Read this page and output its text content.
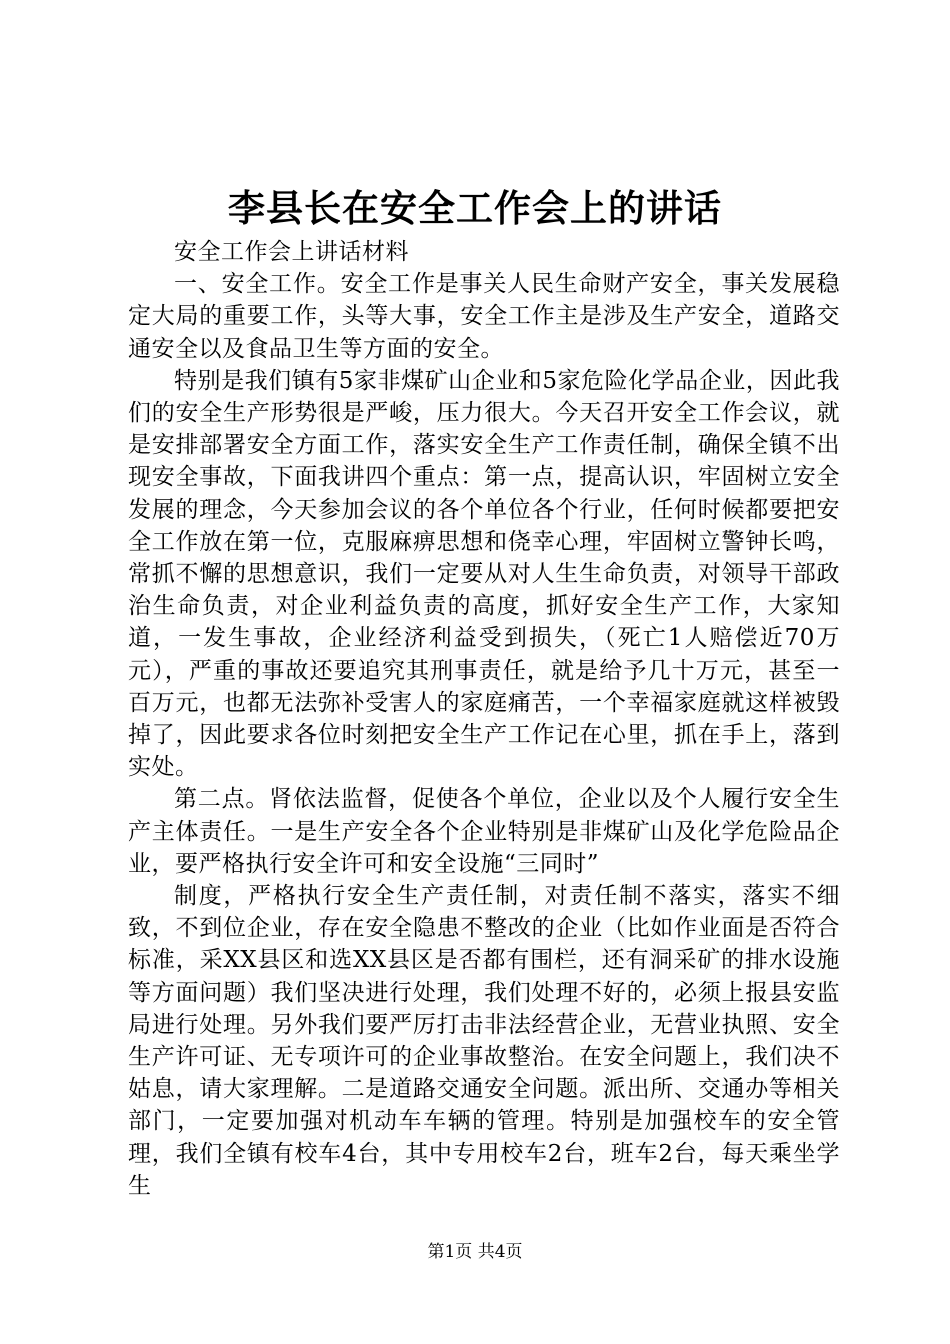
李县长在安全工作会上的讲话

安全工作会上讲话材料

一、安全工作。安全工作是事关人民生命财产安全，事关发展稳定大局的重要工作，头等大事，安全工作主是涉及生产安全，道路交通安全以及食品卫生等方面的安全。

特别是我们镇有5家非煤矿山企业和5家危险化学品企业，因此我们的安全生产形势很是严峻，压力很大。今天召开安全工作会议，就是安排部署安全方面工作，落实安全生产工作责任制，确保全镇不出现安全事故，下面我讲四个重点：第一点，提高认识，牢固树立安全发展的理念，今天参加会议的各个单位各个行业，任何时候都要把安全工作放在第一位，克服麻痹思想和侥幸心理，牢固树立警钟长鸣，常抓不懈的思想意识，我们一定要从对人生生命负责，对领导干部政治生命负责，对企业利益负责的高度，抓好安全生产工作，大家知道，一发生事故，企业经济利益受到损失，（死亡1人赔偿近70万元），严重的事故还要追究其刑事责任，就是给予几十万元，甚至一百万元，也都无法弥补受害人的家庭痛苦，一个幸福家庭就这样被毁掉了，因此要求各位时刻把安全生产工作记在心里，抓在手上，落到实处。

第二点。肾依法监督，促使各个单位，企业以及个人履行安全生产主体责任。一是生产安全各个企业特别是非煤矿山及化学危险品企业，要严格执行安全许可和安全设施“三同时”

制度，严格执行安全生产责任制，对责任制不落实，落实不细致，不到位企业，存在安全隐患不整改的企业（比如作业面是否符合标准，采XX县区和选XX县区是否都有围栏，还有洞采矿的排水设施等方面问题）我们坚决进行处理，我们处理不好的，必须上报县安监局进行处理。另外我们要严厉打击非法经营企业，无营业执照、安全生产许可证、无专项许可的企业事故整治。在安全问题上，我们决不姑息，请大家理解。二是道路交通安全问题。派出所、交通办等相关部门，一定要加强对机动车车辆的管理。特别是加强校车的安全管理，我们全镇有校车4台，其中专用校车2台，班车2台，每天乘坐学生

第1页 共4页
